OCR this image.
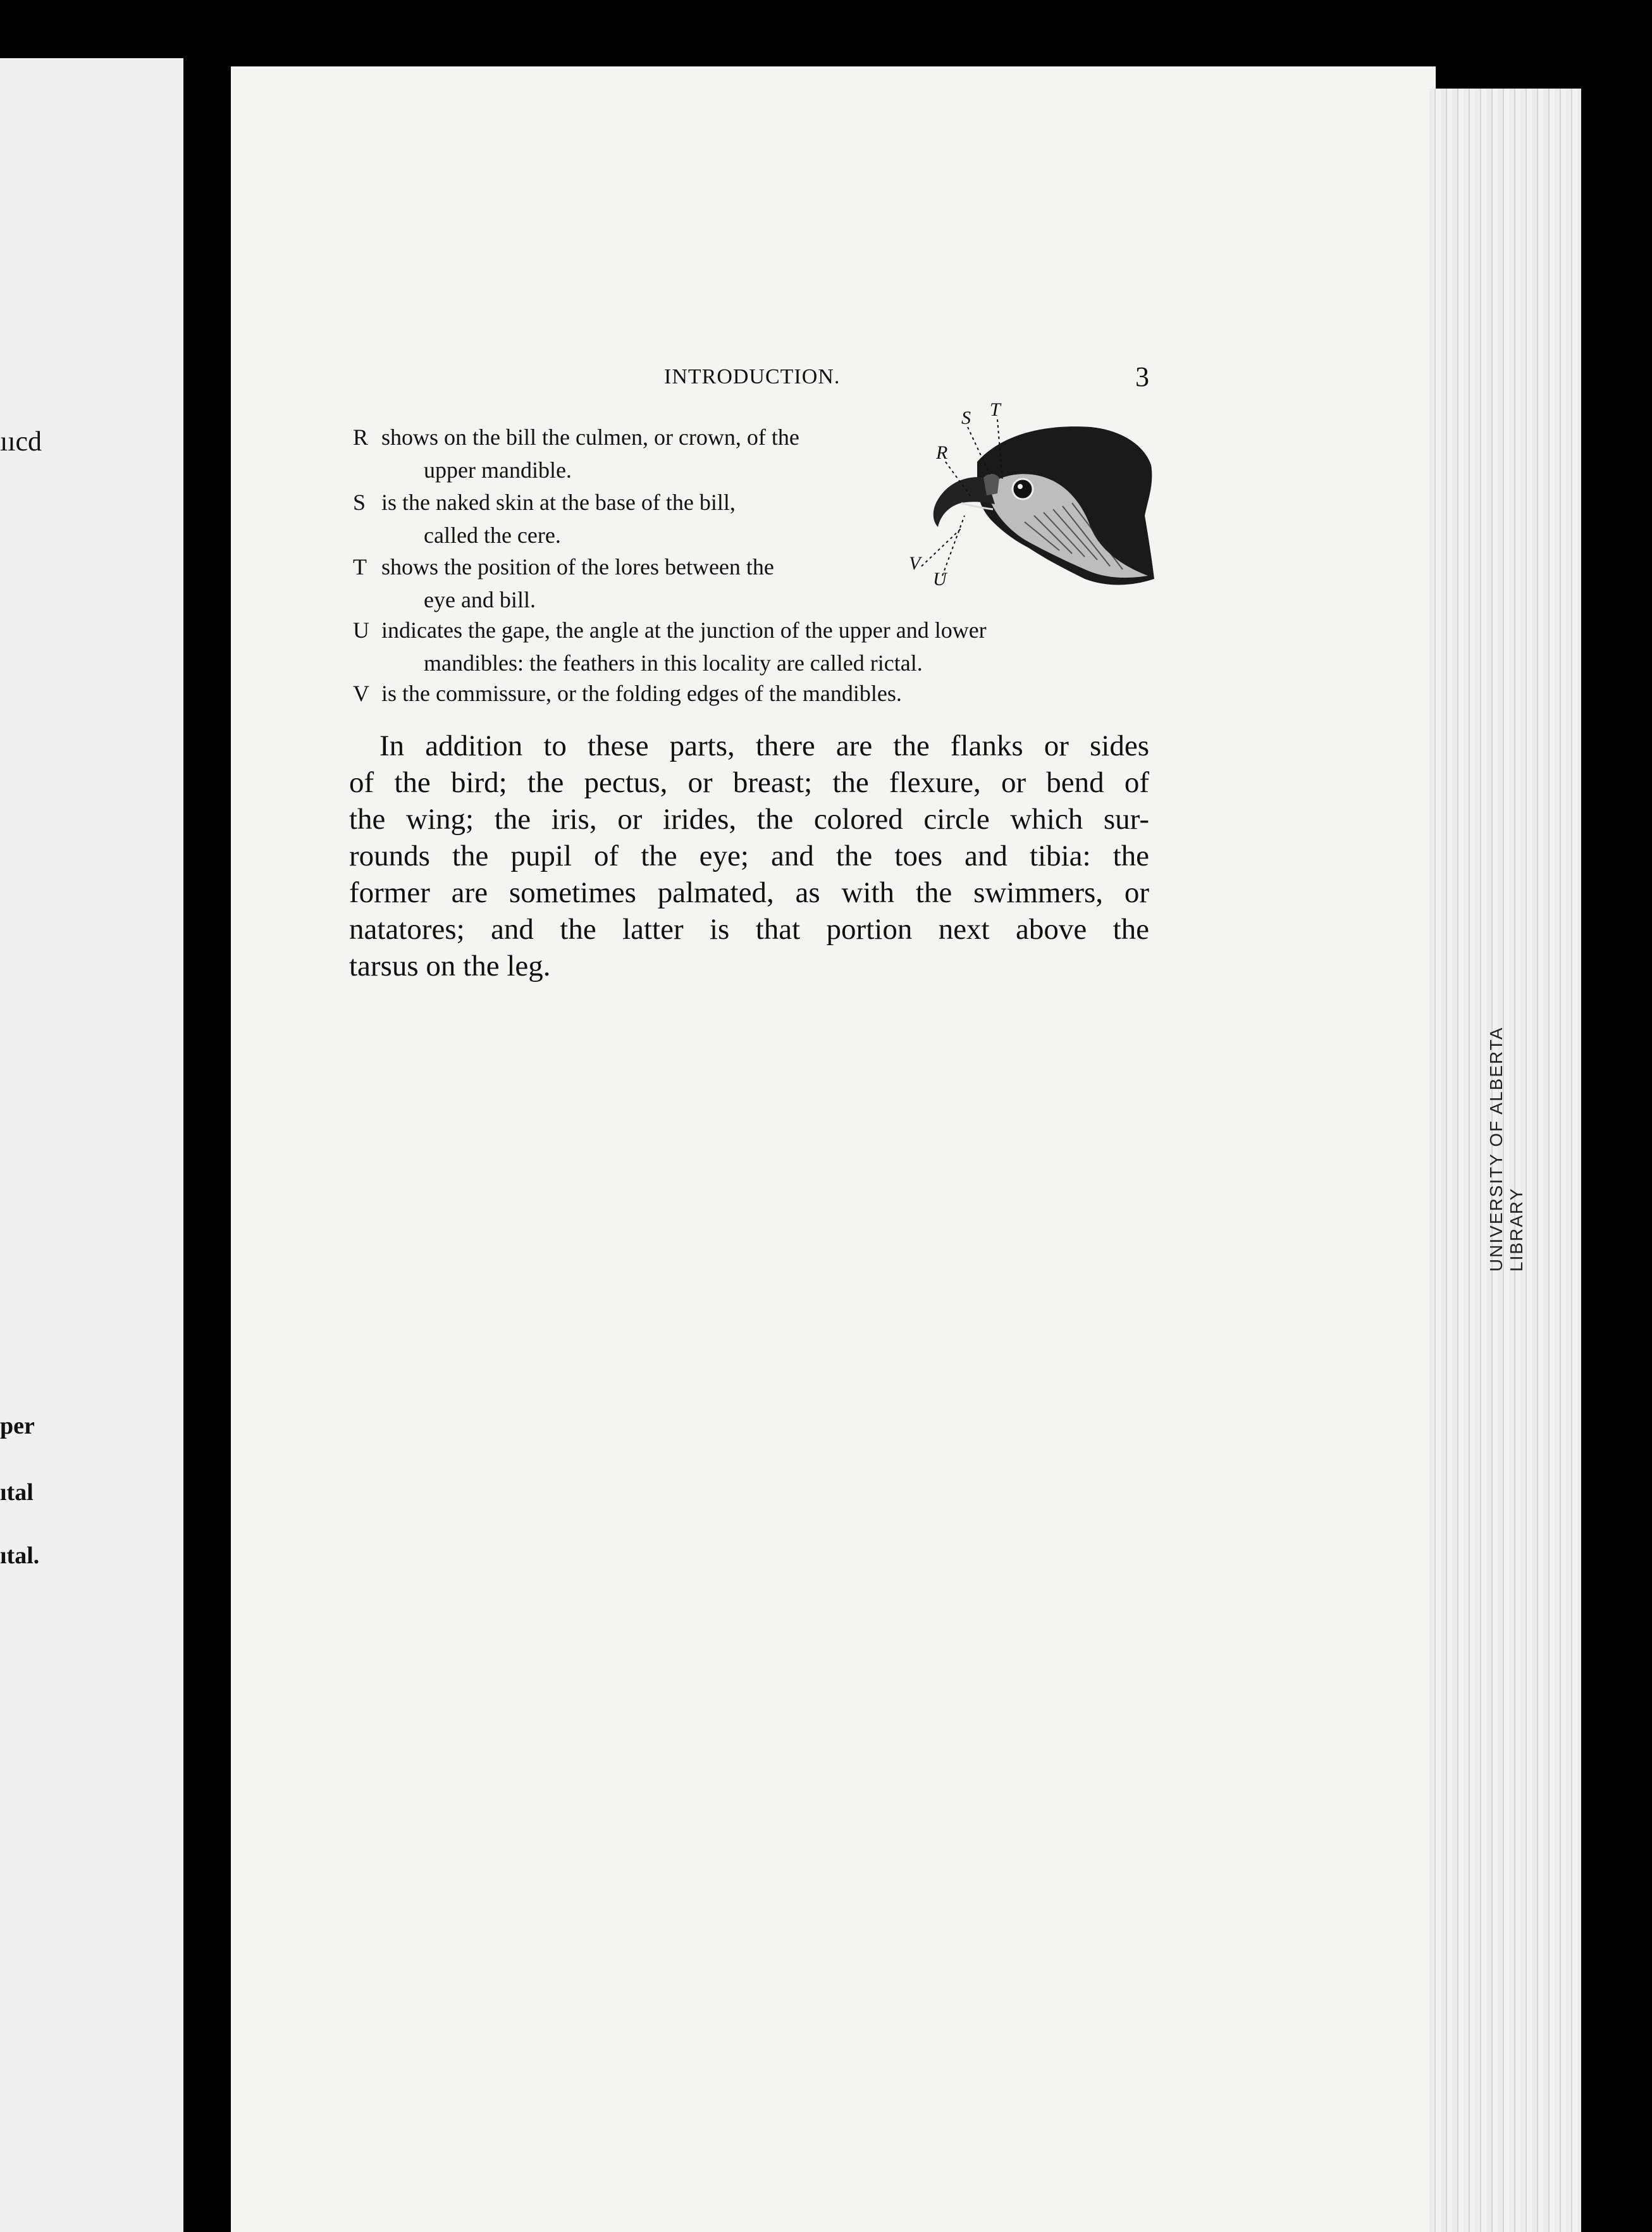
ııcd
per
ıtal
ıtal.
UNIVERSITY OF ALBERTA LIBRARY
INTRODUCTION.	3
R shows on the bill the culmen, or crown, of the
upper mandible.
S is the naked skin at the base of the bill,
called the cere.
T shows the position of the lores between the
eye and bill.
U indicates the gape, the angle at the junction of the upper and lower
mandibles: the feathers in this locality are called rictal.
V is the commissure, or the folding edges of the mandibles.
R
S T
U
V
In addition to these parts, there are the flanks or sides
of the bird; the pectus, or breast; the flexure, or bend of
the wing; the iris, or irides, the colored circle which sur-
rounds the pupil of the eye; and the toes and tibia: the
former are sometimes palmated, as with the swimmers, or
natatores; and the latter is that portion next above the
tarsus on the leg.
